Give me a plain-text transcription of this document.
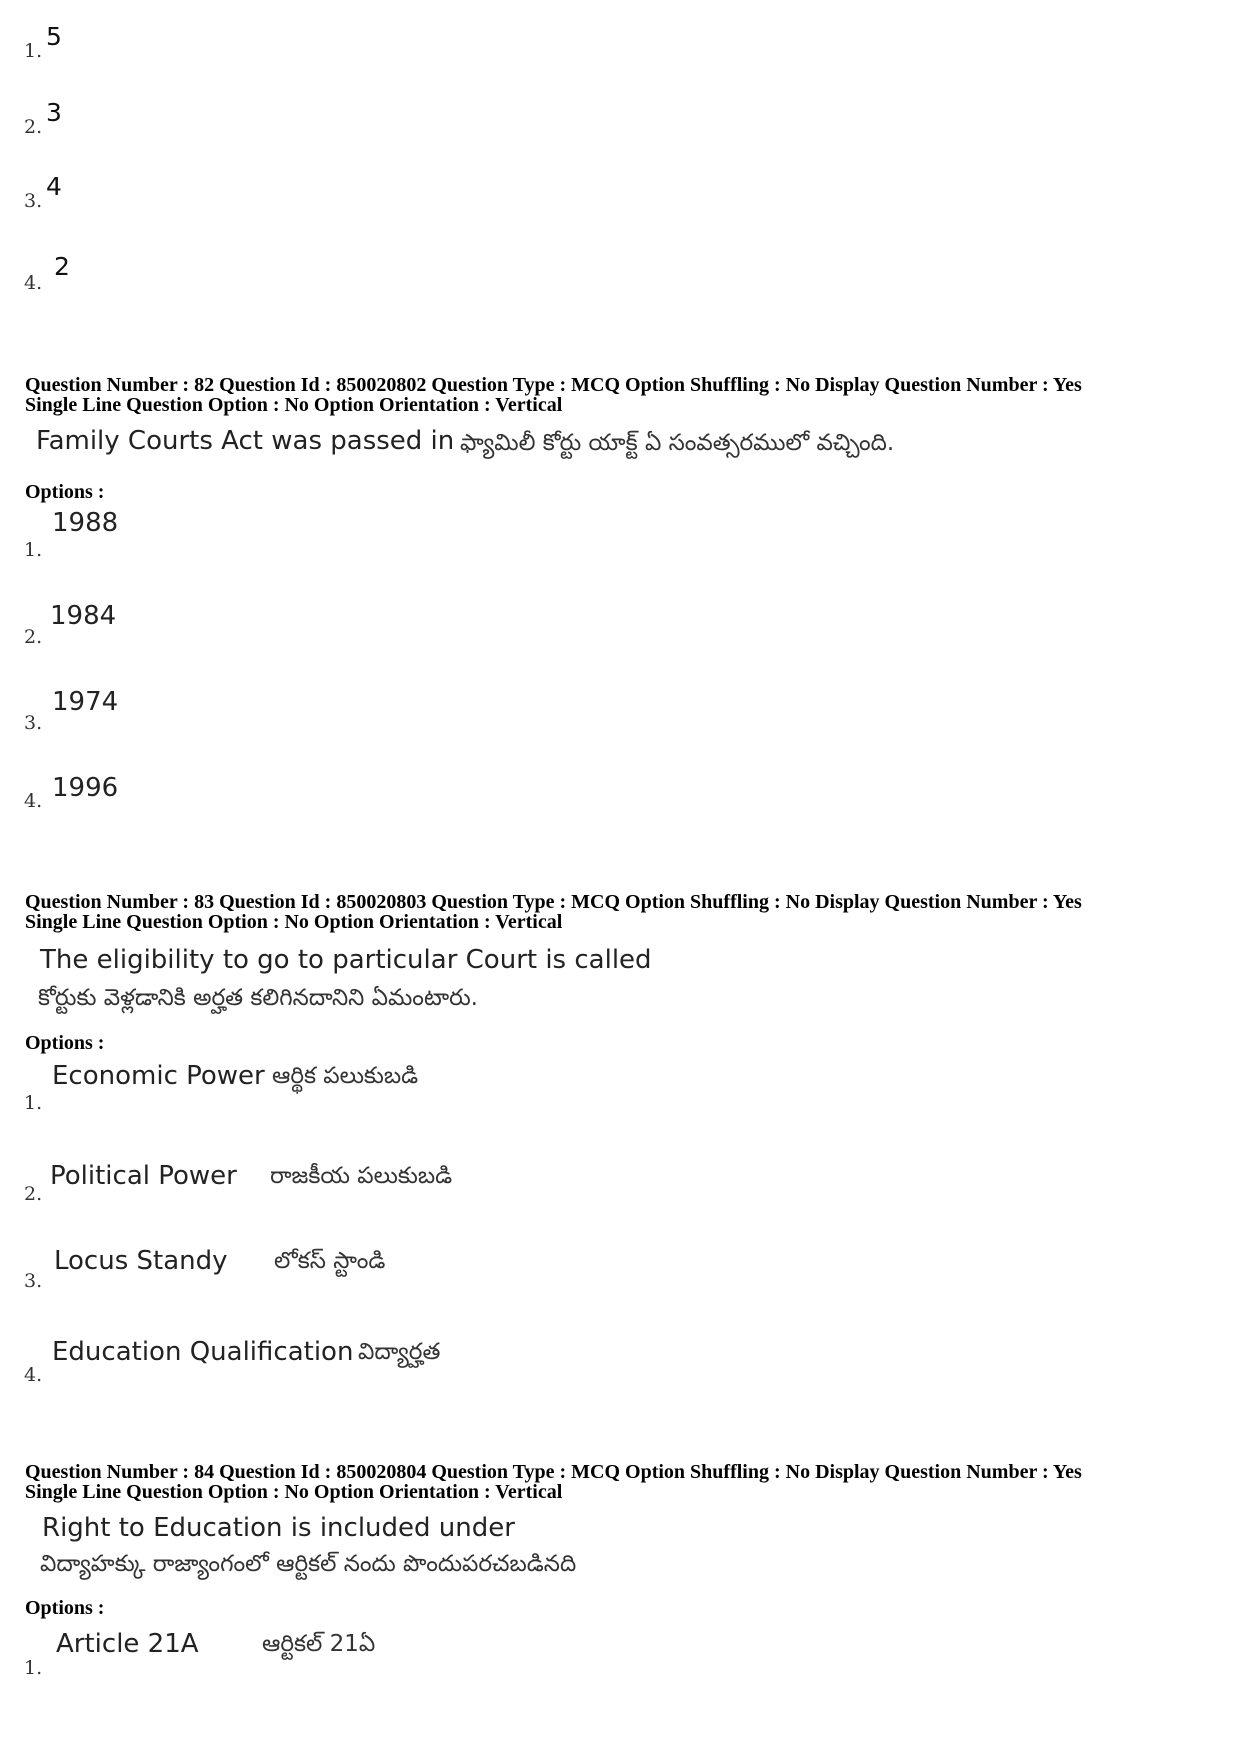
1. 5
2. 3
3. 4
4.
2
Question Number : 82 Question Id : 850020802 Question Type : MCQ Option Shuffling : No Display Question Number : Yes
Single Line Question Option : No Option Orientation : Vertical
Family Courts Act was passed in ఫ్యామిలీ కోర్టు యాక్ట్ ఏ సంవత్సరములో వచ్చింది.
Options :
1.
1988
2.
1984
3.
1974
4. 1996
Question Number : 83 Question Id : 850020803 Question Type : MCQ Option Shuffling : No Display Question Number : Yes
Single Line Question Option : No Option Orientation : Vertical
The eligibility to go to particular Court is called
కోర్టుకు వెళ్లడానికి అర్హత కలిగినదానిని ఏమంటారు.
Options :
1.
Economic Power ఆర్థిక పలుకుబడి
2.
Political Power రాజకీయ పలుకుబడి
3.
Locus Standy లోకస్ స్టాండి
4.
Education Qualification విద్యార్హత
Question Number : 84 Question Id : 850020804 Question Type : MCQ Option Shuffling : No Display Question Number : Yes
Single Line Question Option : No Option Orientation : Vertical
Right to Education is included under
విద్యాహక్కు రాజ్యాంగంలో ఆర్టికల్ నందు పొందుపరచబడినది
Options :
1.
Article 21A	ఆర్టికల్ 21ఏ
